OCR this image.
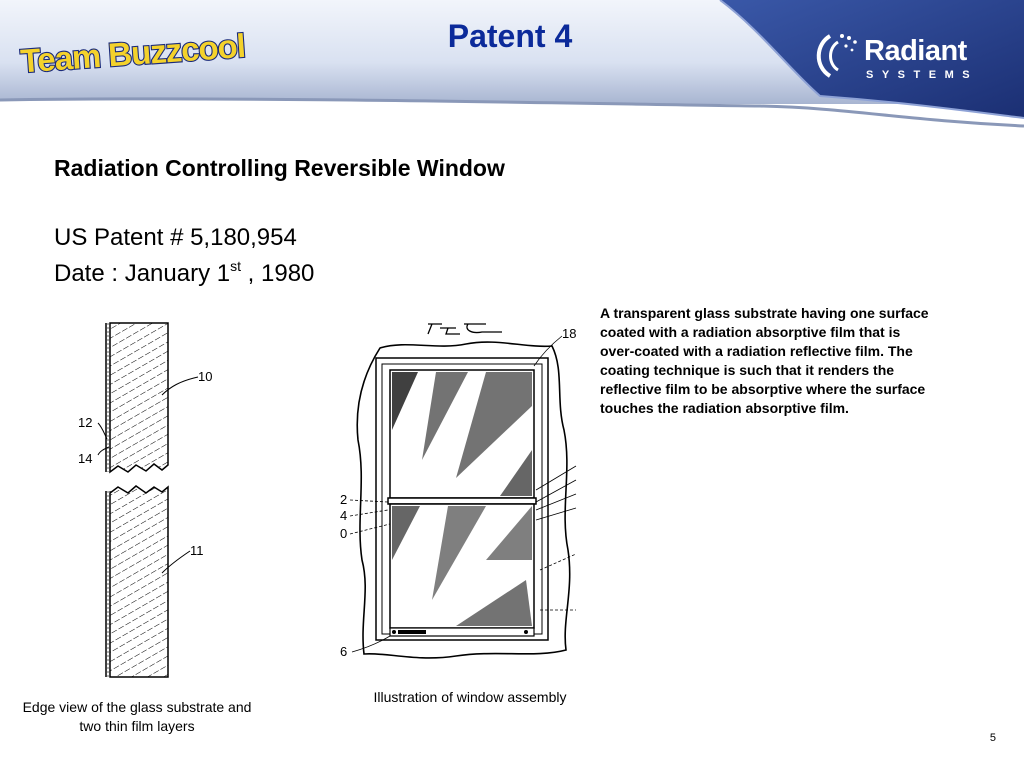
Team Buzzcool	Patent 4	Radiant
SYSTEMS
Radiation Controlling Reversible Window
US Patent # 5,180,954
Date : January 1st , 1980
A transparent glass substrate having one surface coated with a radiation absorptive film that is over-coated with a radiation reflective film. The coating technique is such that it renders the reflective film to be absorptive where the surface touches the radiation absorptive film.
10
12
14
11
18
2
4
0
6
Edge view of the glass substrate and two thin film layers
Illustration of window assembly
5
